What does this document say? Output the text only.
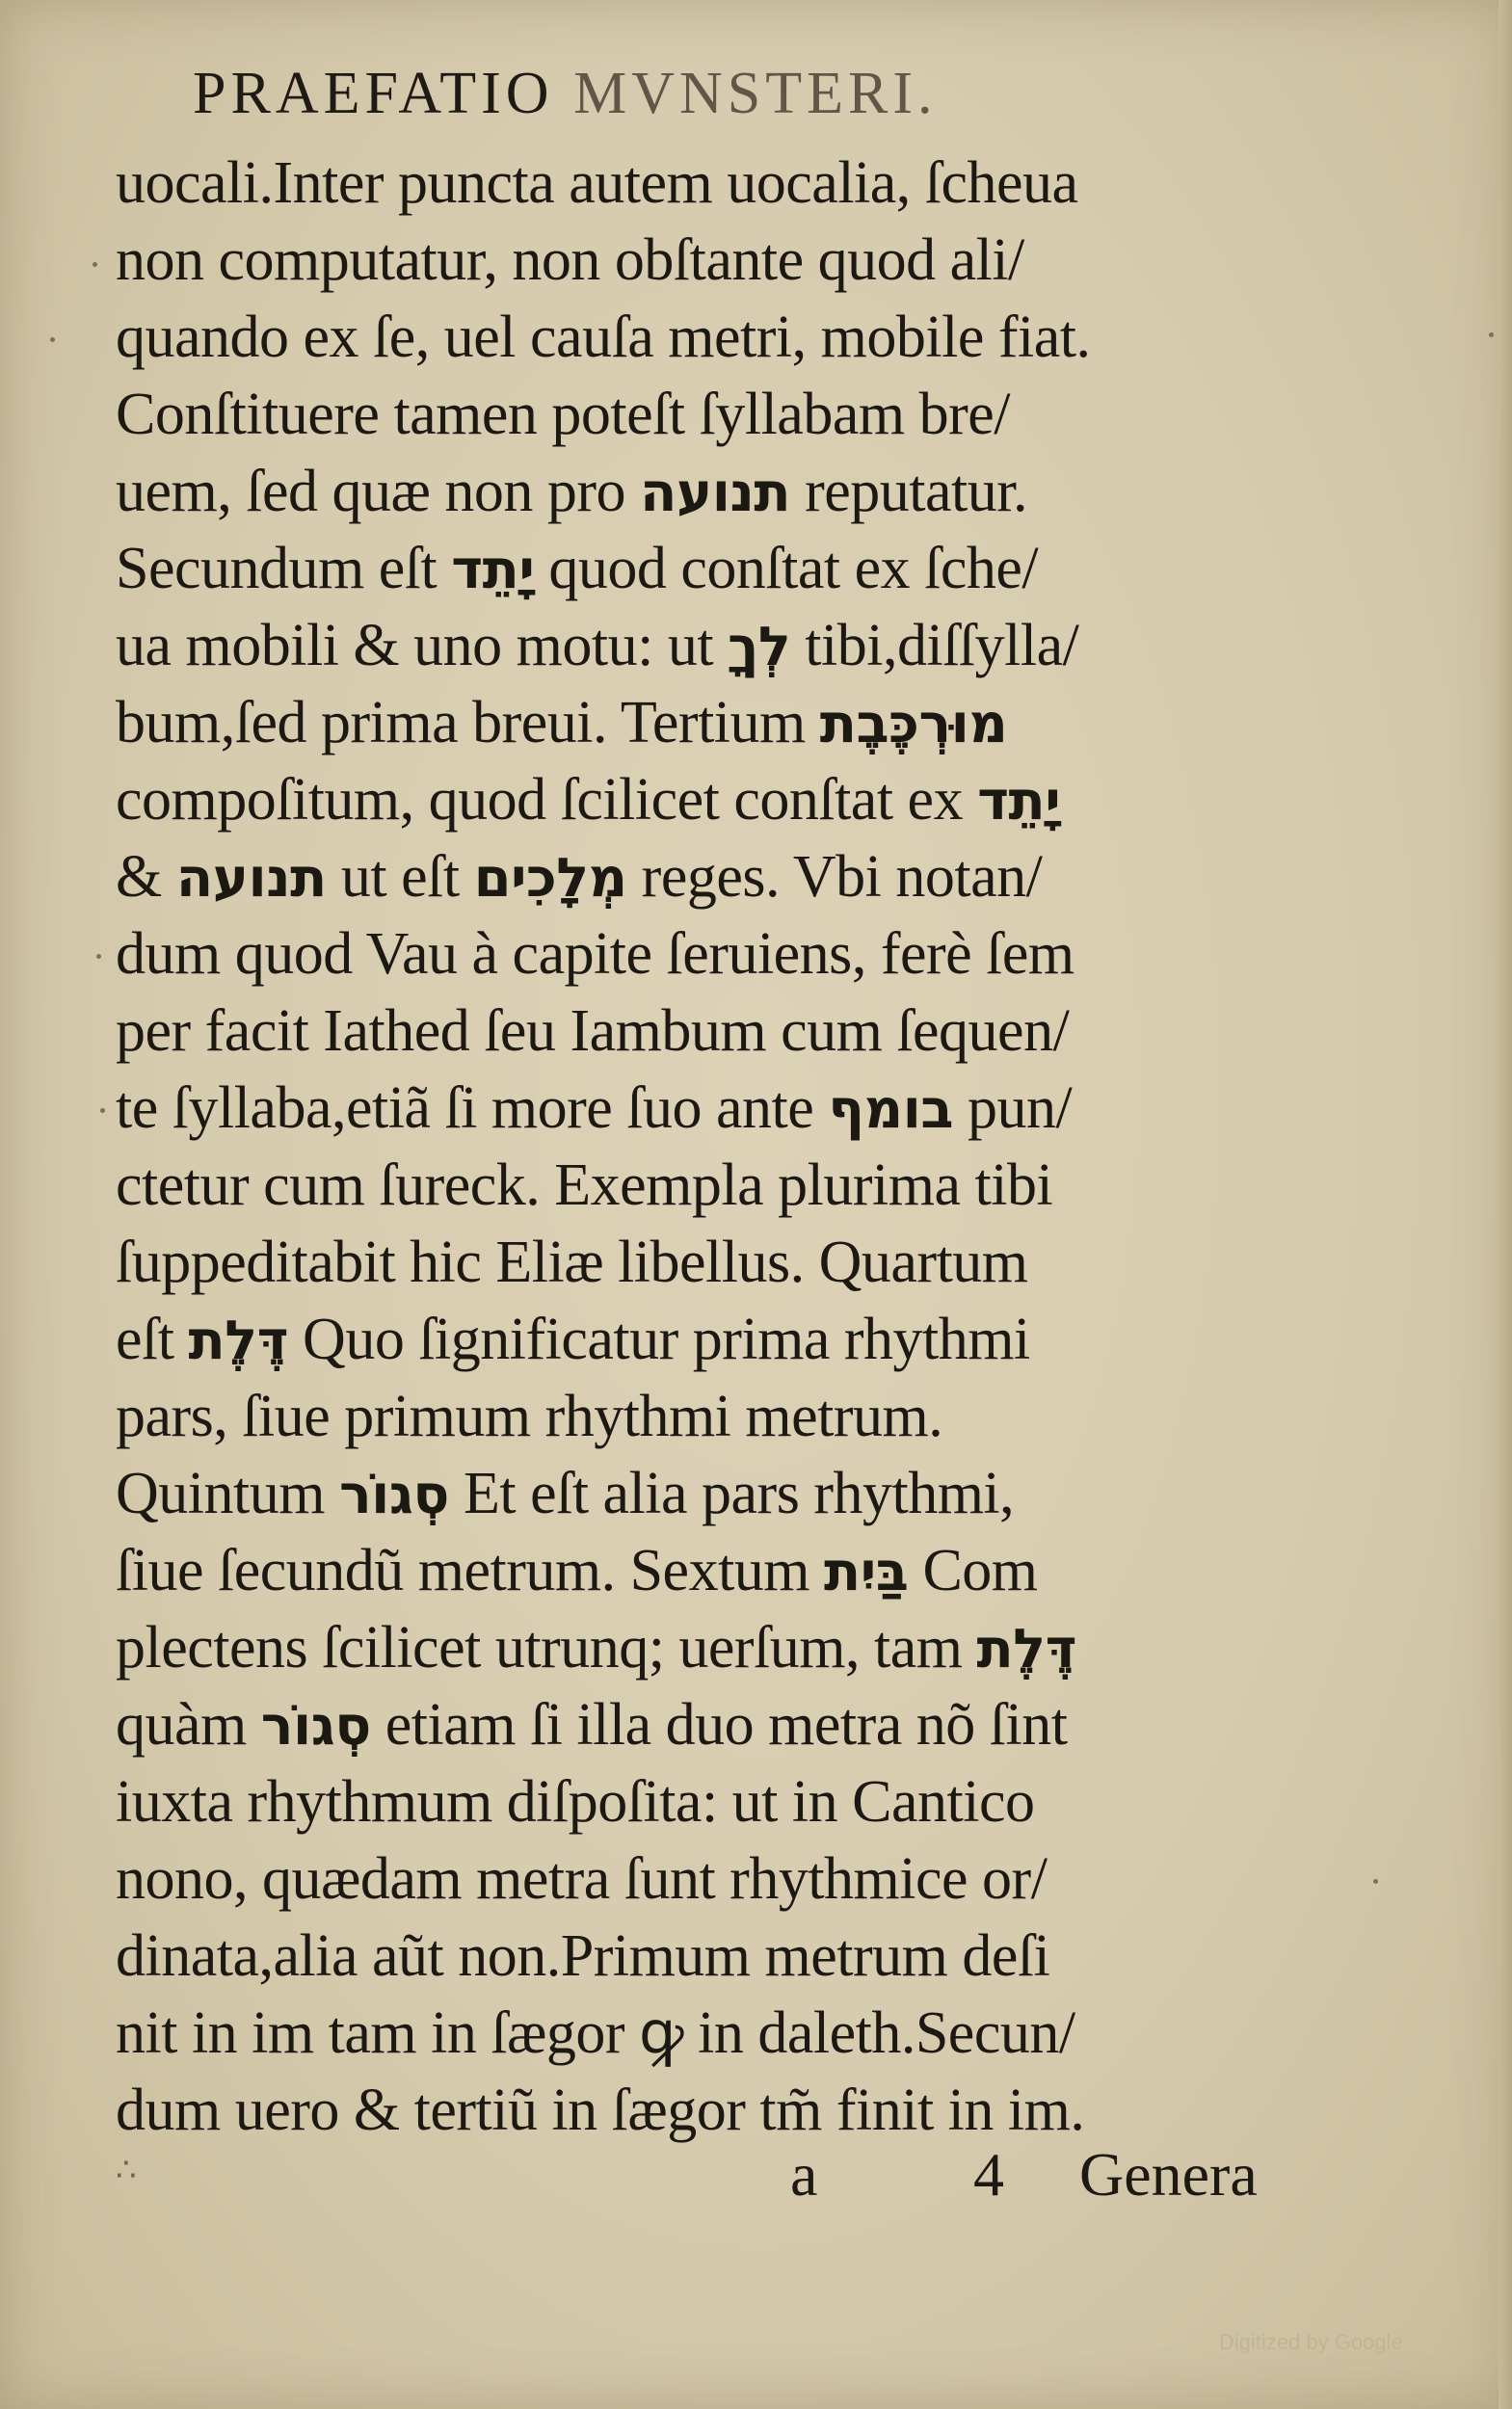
PRAEFATIO MVNSTERI.
uocali.Inter puncta autem uocalia, ſcheua
non computatur, non obſtante quod ali/
quando ex ſe, uel cauſa metri, mobile fiat.
Conſtituere tamen poteſt ſyllabam bre/
uem, ſed quæ non pro תנועה reputatur.
Secundum eſt יָתֵד quod conſtat ex ſche/
ua mobili & uno motu: ut לְךָ tibi,diſſylla/
bum,ſed prima breui. Tertium מוּרְכֶּבֶת
compoſitum, quod ſcilicet conſtat ex יָתֵד
& תנועה ut eſt מְלָכִים reges. Vbi notan/
dum quod Vau à capite ſeruiens, ferè ſem
per facit Iathed ſeu Iambum cum ſequen/
te ſyllaba,etiã ſi more ſuo ante בומף pun/
ctetur cum ſureck. Exempla plurima tibi
ſuppeditabit hic Eliæ libellus. Quartum
eſt דֶּלֶת Quo ſignificatur prima rhythmi
pars, ſiue primum rhythmi metrum.
Quintum סְגוֹר Et eſt alia pars rhythmi,
ſiue ſecundũ metrum. Sextum בַּיִת Com
plectens ſcilicet utrunq; uerſum, tam דֶּלֶת
quàm סְגוֹר etiam ſi illa duo metra nõ ſint
iuxta rhythmum diſpoſita: ut in Cantico
nono, quædam metra ſunt rhythmice or/
dinata,alia aũt non.Primum metrum deſi
nit in im tam in ſægor ꝙ in daleth.Secun/
dum uero & tertiũ in ſægor tm̃ finit in im.
∴	a	4 Genera
Digitized by Google
